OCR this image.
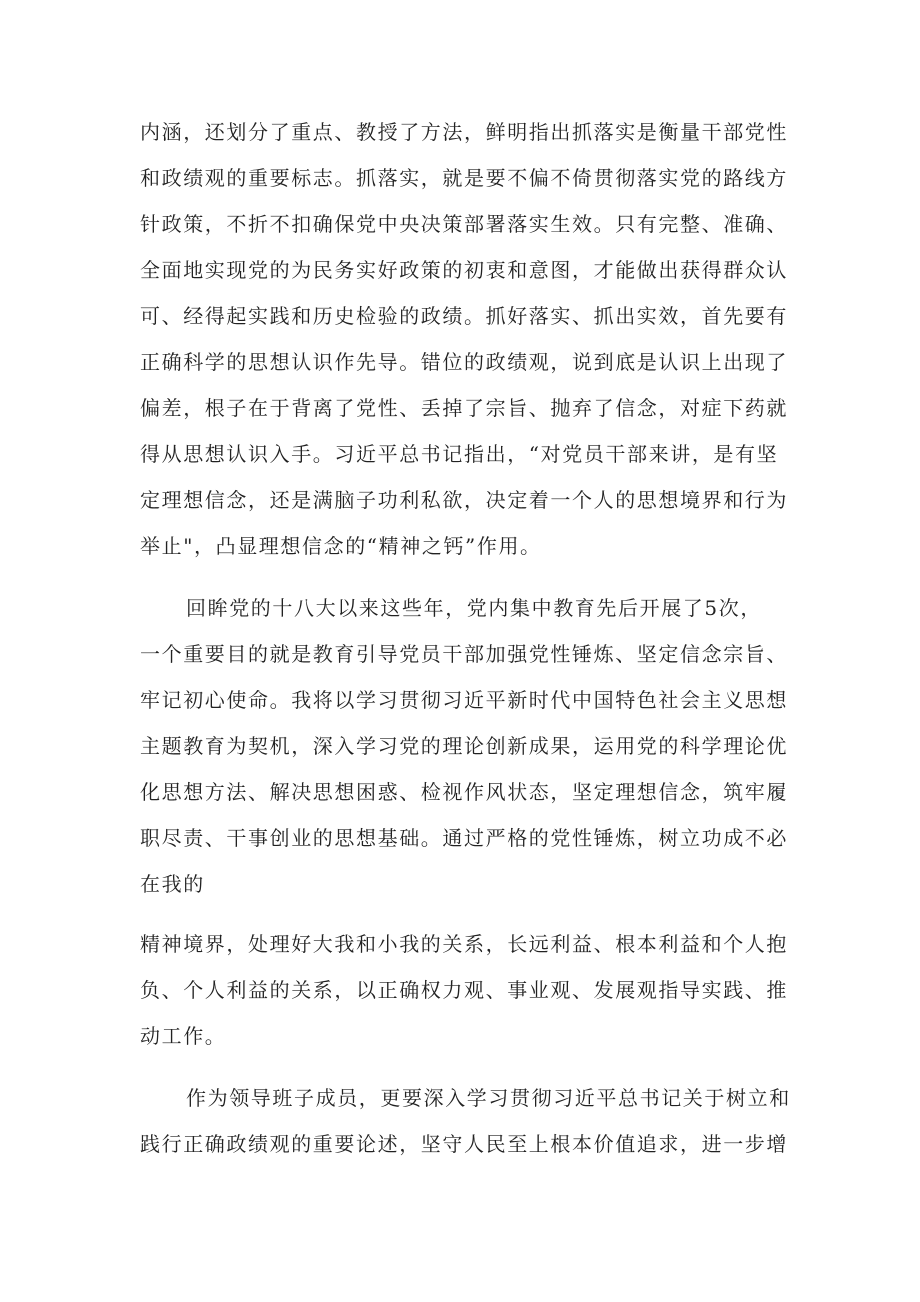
内涵，还划分了重点、教授了方法，鲜明指出抓落实是衡量干部党性
和政绩观的重要标志。抓落实，就是要不偏不倚贯彻落实党的路线方
针政策，不折不扣确保党中央决策部署落实生效。只有完整、准确、
全面地实现党的为民务实好政策的初衷和意图，才能做出获得群众认
可、经得起实践和历史检验的政绩。抓好落实、抓出实效，首先要有
正确科学的思想认识作先导。错位的政绩观，说到底是认识上出现了
偏差，根子在于背离了党性、丢掉了宗旨、抛弃了信念，对症下药就
得从思想认识入手。习近平总书记指出，“对党员干部来讲，是有坚
定理想信念，还是满脑子功利私欲，决定着一个人的思想境界和行为
举止"，凸显理想信念的“精神之钙”作用。
回眸党的十八大以来这些年，党内集中教育先后开展了5次，
一个重要目的就是教育引导党员干部加强党性锤炼、坚定信念宗旨、
牢记初心使命。我将以学习贯彻习近平新时代中国特色社会主义思想
主题教育为契机，深入学习党的理论创新成果，运用党的科学理论优
化思想方法、解决思想困惑、检视作风状态，坚定理想信念，筑牢履
职尽责、干事创业的思想基础。通过严格的党性锤炼，树立功成不必
在我的
精神境界，处理好大我和小我的关系，长远利益、根本利益和个人抱
负、个人利益的关系，以正确权力观、事业观、发展观指导实践、推
动工作。
作为领导班子成员，更要深入学习贯彻习近平总书记关于树立和
践行正确政绩观的重要论述，坚守人民至上根本价值追求，进一步增
